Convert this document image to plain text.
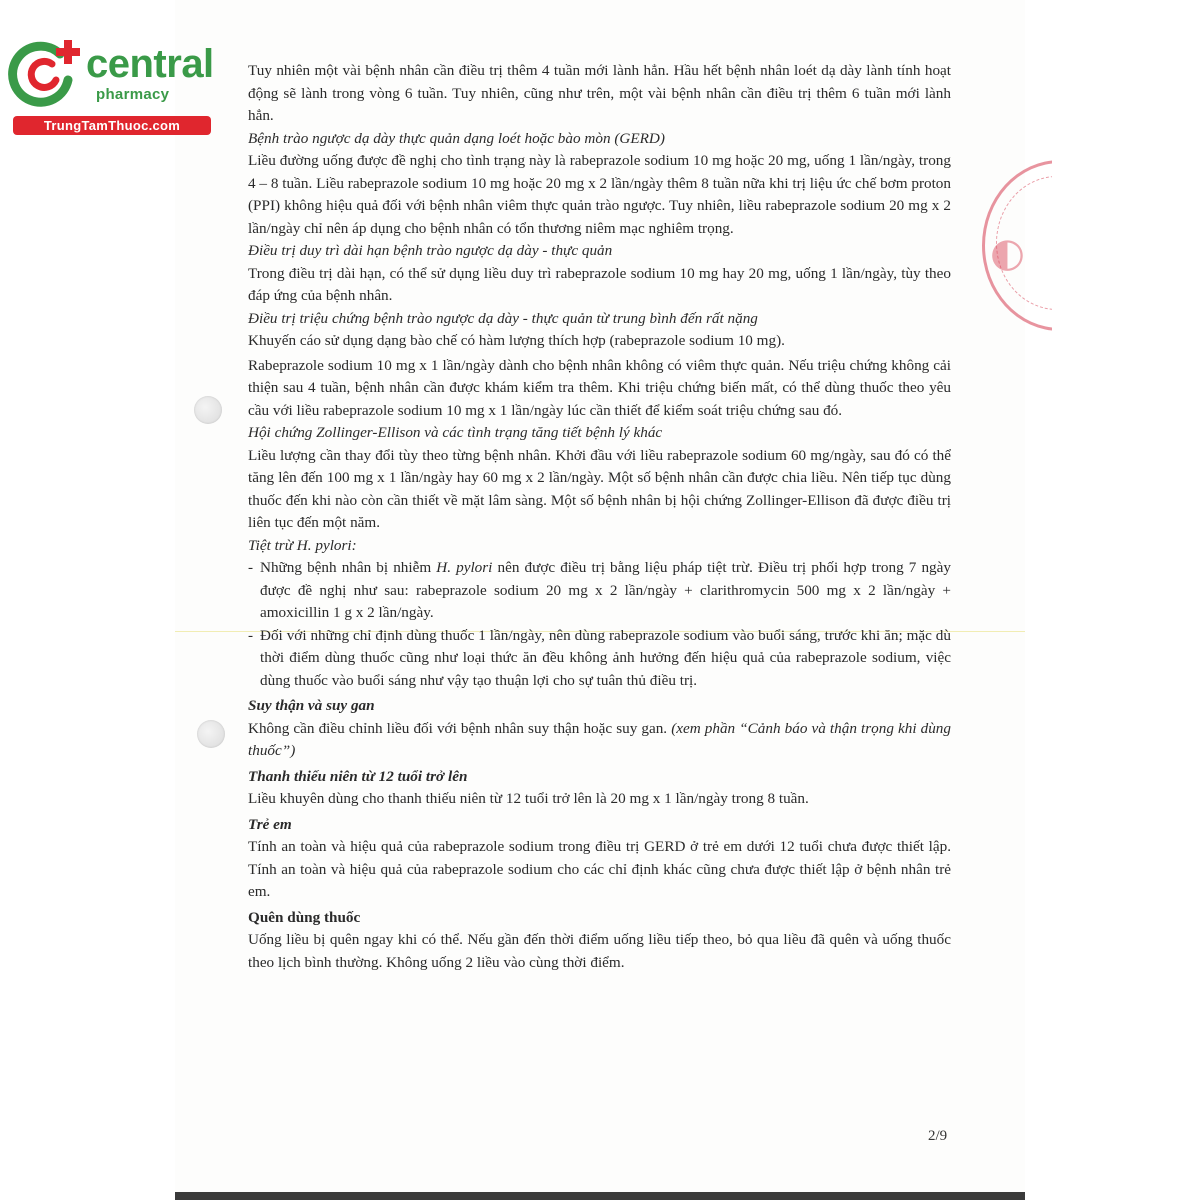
◐
central
pharmacy
TrungTamThuoc.com

Tuy nhiên một vài bệnh nhân cần điều trị thêm 4 tuần mới lành hẳn. Hầu hết bệnh nhân loét dạ dày lành tính hoạt động sẽ lành trong vòng 6 tuần. Tuy nhiên, cũng như trên, một vài bệnh nhân cần điều trị thêm 6 tuần mới lành hẳn.

Bệnh trào ngược dạ dày thực quản dạng loét hoặc bào mòn (GERD)

Liều đường uống được đề nghị cho tình trạng này là rabeprazole sodium 10 mg hoặc 20 mg, uống 1 lần/ngày, trong 4 – 8 tuần. Liều rabeprazole sodium 10 mg hoặc 20 mg x 2 lần/ngày thêm 8 tuần nữa khi trị liệu ức chế bơm proton (PPI) không hiệu quả đối với bệnh nhân viêm thực quản trào ngược. Tuy nhiên, liều rabeprazole sodium 20 mg x 2 lần/ngày chỉ nên áp dụng cho bệnh nhân có tổn thương niêm mạc nghiêm trọng.

Điều trị duy trì dài hạn bệnh trào ngược dạ dày - thực quản

Trong điều trị dài hạn, có thể sử dụng liều duy trì rabeprazole sodium 10 mg hay 20 mg, uống 1 lần/ngày, tùy theo đáp ứng của bệnh nhân.

Điều trị triệu chứng bệnh trào ngược dạ dày - thực quản từ trung bình đến rất nặng

Khuyến cáo sử dụng dạng bào chế có hàm lượng thích hợp (rabeprazole sodium 10 mg).

Rabeprazole sodium 10 mg x 1 lần/ngày dành cho bệnh nhân không có viêm thực quản. Nếu triệu chứng không cải thiện sau 4 tuần, bệnh nhân cần được khám kiểm tra thêm. Khi triệu chứng biến mất, có thể dùng thuốc theo yêu cầu với liều rabeprazole sodium 10 mg x 1 lần/ngày lúc cần thiết để kiểm soát triệu chứng sau đó.

Hội chứng Zollinger-Ellison và các tình trạng tăng tiết bệnh lý khác

Liều lượng cần thay đổi tùy theo từng bệnh nhân. Khởi đầu với liều rabeprazole sodium 60 mg/ngày, sau đó có thể tăng lên đến 100 mg x 1 lần/ngày hay 60 mg x 2 lần/ngày. Một số bệnh nhân cần được chia liều. Nên tiếp tục dùng thuốc đến khi nào còn cần thiết về mặt lâm sàng. Một số bệnh nhân bị hội chứng Zollinger-Ellison đã được điều trị liên tục đến một năm.

Tiệt trừ H. pylori:

- Những bệnh nhân bị nhiễm H. pylori nên được điều trị bằng liệu pháp tiệt trừ. Điều trị phối hợp trong 7 ngày được đề nghị như sau: rabeprazole sodium 20 mg x 2 lần/ngày + clarithromycin 500 mg x 2 lần/ngày + amoxicillin 1 g x 2 lần/ngày.

- Đối với những chỉ định dùng thuốc 1 lần/ngày, nên dùng rabeprazole sodium vào buổi sáng, trước khi ăn; mặc dù thời điểm dùng thuốc cũng như loại thức ăn đều không ảnh hưởng đến hiệu quả của rabeprazole sodium, việc dùng thuốc vào buổi sáng như vậy tạo thuận lợi cho sự tuân thủ điều trị.

Suy thận và suy gan

Không cần điều chỉnh liều đối với bệnh nhân suy thận hoặc suy gan. (xem phần “Cảnh báo và thận trọng khi dùng thuốc”)

Thanh thiếu niên từ 12 tuổi trở lên

Liều khuyên dùng cho thanh thiếu niên từ 12 tuổi trở lên là 20 mg x 1 lần/ngày trong 8 tuần.

Trẻ em

Tính an toàn và hiệu quả của rabeprazole sodium trong điều trị GERD ở trẻ em dưới 12 tuổi chưa được thiết lập. Tính an toàn và hiệu quả của rabeprazole sodium cho các chỉ định khác cũng chưa được thiết lập ở bệnh nhân trẻ em.

Quên dùng thuốc

Uống liều bị quên ngay khi có thể. Nếu gần đến thời điểm uống liều tiếp theo, bỏ qua liều đã quên và uống thuốc theo lịch bình thường. Không uống 2 liều vào cùng thời điểm.

2/9
